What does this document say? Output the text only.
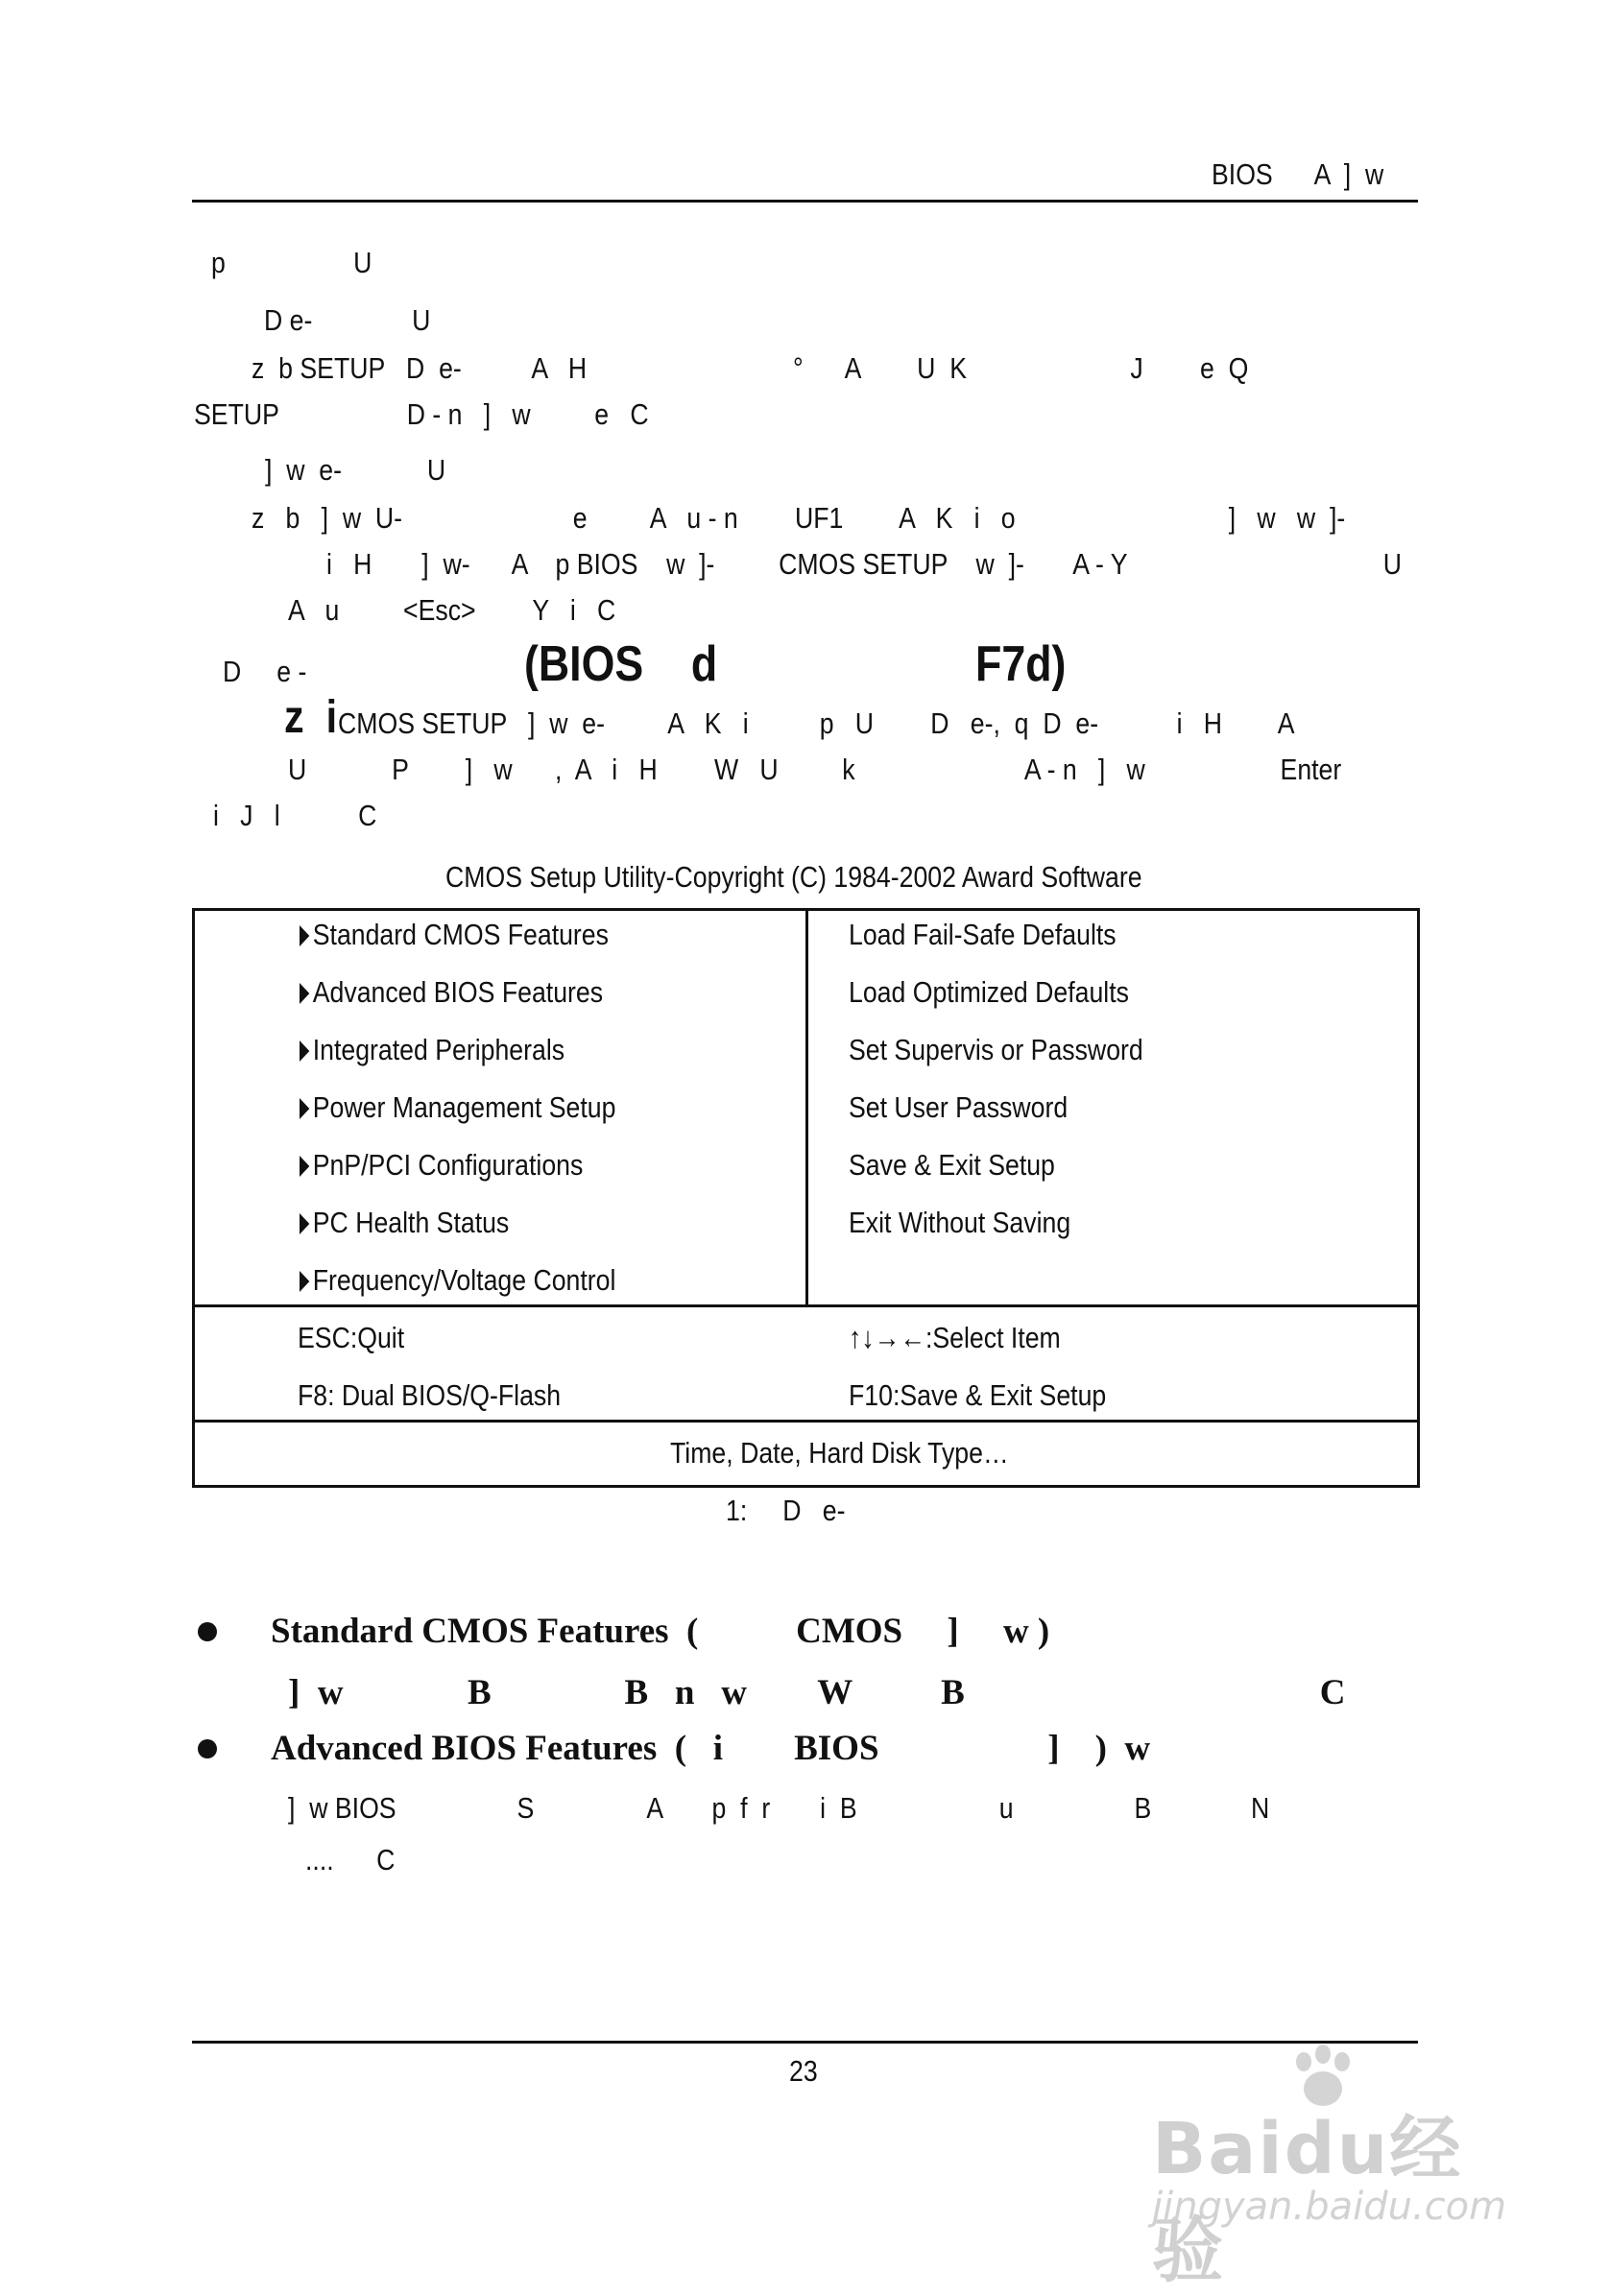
BIOS      A  ]  w
p                  U
D e-              U
z  b SETUP   D  e-          A   H                             °      A        U  K                       J        e  Q
SETUP                  D - n   ]   w         e   C
]  w  e-            U
z   b   ]  w  U-                        e         A   u - n        UF1        A   K   i   o                              ]   w   w  ]-
i   H       ]  w-      A    p BIOS    w  ]-         CMOS SETUP    w  ]-       A - Y                                    U
A   u         <Esc>        Y   i   C
D     e -	(BIOS    d	F7d)
z  i CMOS SETUP   ]  w  e-         A   K   i          p   U        D   e-,  q  D  e-           i   H        A
U            P        ]   w      ,  A   i   H        W   U         k                        A - n   ]   w                   Enter
i   J   l           C
CMOS Setup Utility-Copyright (C) 1984-2002 Award Software
Standard CMOS Features
Advanced BIOS Features
Integrated Peripherals
Power Management Setup
PnP/PCI Configurations
PC Health Status
Frequency/Voltage Control
Load Fail-Safe Defaults
Load Optimized Defaults
Set Supervis or Password
Set User Password
Save & Exit Setup
Exit Without Saving
ESC:Quit
F8: Dual BIOS/Q-Flash
↑↓→←:Select Item
F10:Save & Exit Setup
Time, Date, Hard Disk Type…
1:     D   e-
Standard CMOS Features  (           CMOS     ]     w )
]  w              B               B   n   w        W          B                                        C
Advanced BIOS Features  (   i        BIOS                   ]    )  w
]  w BIOS                 S                A       p  f  r       i  B                    u                 B              N
....      C
23
Baidu经验
jingyan.baidu.com
